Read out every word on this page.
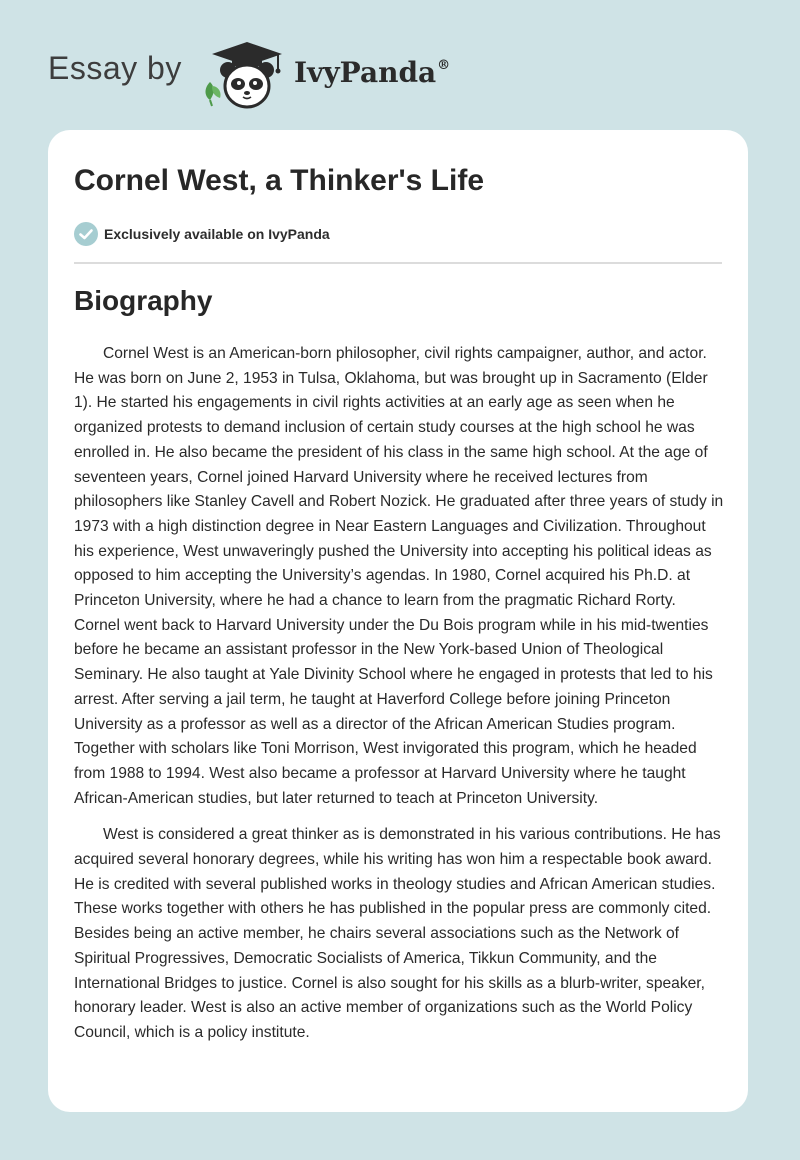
Essay by	IvyPanda®
Cornel West, a Thinker's Life
Exclusively available on IvyPanda
Biography

Cornel West is an American-born philosopher, civil rights campaigner, author, and actor. He was born on June 2, 1953 in Tulsa, Oklahoma, but was brought up in Sacramento (Elder 1). He started his engagements in civil rights activities at an early age as seen when he organized protests to demand inclusion of certain study courses at the high school he was enrolled in. He also became the president of his class in the same high school. At the age of seventeen years, Cornel joined Harvard University where he received lectures from philosophers like Stanley Cavell and Robert Nozick. He graduated after three years of study in 1973 with a high distinction degree in Near Eastern Languages and Civilization. Throughout his experience, West unwaveringly pushed the University into accepting his political ideas as opposed to him accepting the University’s agendas. In 1980, Cornel acquired his Ph.D. at Princeton University, where he had a chance to learn from the pragmatic Richard Rorty. Cornel went back to Harvard University under the Du Bois program while in his mid-twenties before he became an assistant professor in the New York-based Union of Theological Seminary. He also taught at Yale Divinity School where he engaged in protests that led to his arrest. After serving a jail term, he taught at Haverford College before joining Princeton University as a professor as well as a director of the African American Studies program. Together with scholars like Toni Morrison, West invigorated this program, which he headed from 1988 to 1994. West also became a professor at Harvard University where he taught African-American studies, but later returned to teach at Princeton University.

West is considered a great thinker as is demonstrated in his various contributions. He has acquired several honorary degrees, while his writing has won him a respectable book award. He is credited with several published works in theology studies and African American studies. These works together with others he has published in the popular press are commonly cited. Besides being an active member, he chairs several associations such as the Network of Spiritual Progressives, Democratic Socialists of America, Tikkun Community, and the International Bridges to justice. Cornel is also sought for his skills as a blurb-writer, speaker, honorary leader. West is also an active member of organizations such as the World Policy Council, which is a policy institute.
